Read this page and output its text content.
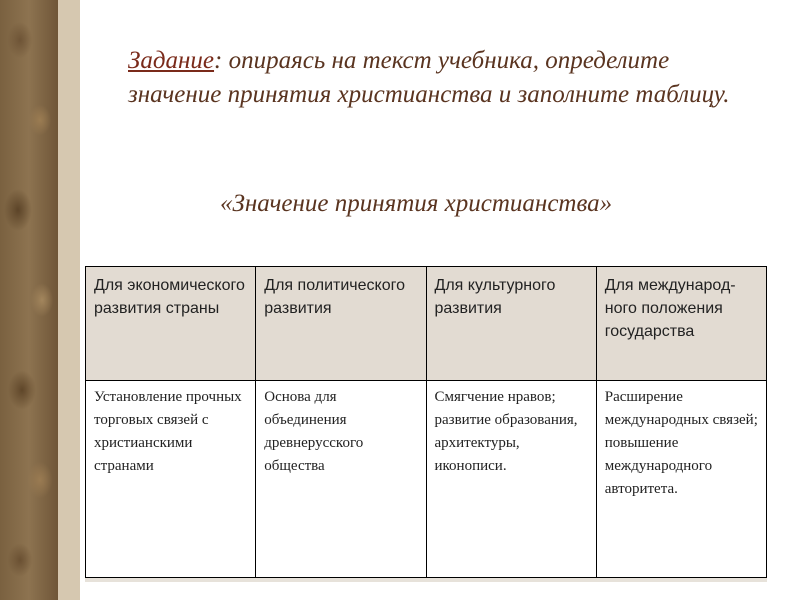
Задание: опираясь на текст учебника, определите значение принятия христианства и заполните таблицу.
«Значение принятия христианства»
Для экономического развития страны	Для политического развития	Для культурного развития	Для международ-ного положения государства
Установление прочных торговых связей с христианскими странами	Основа для объединения древнерусского общества	Смягчение нравов; развитие образования, архитектуры, иконописи.	Расширение международных связей; повышение международного авторитета.
